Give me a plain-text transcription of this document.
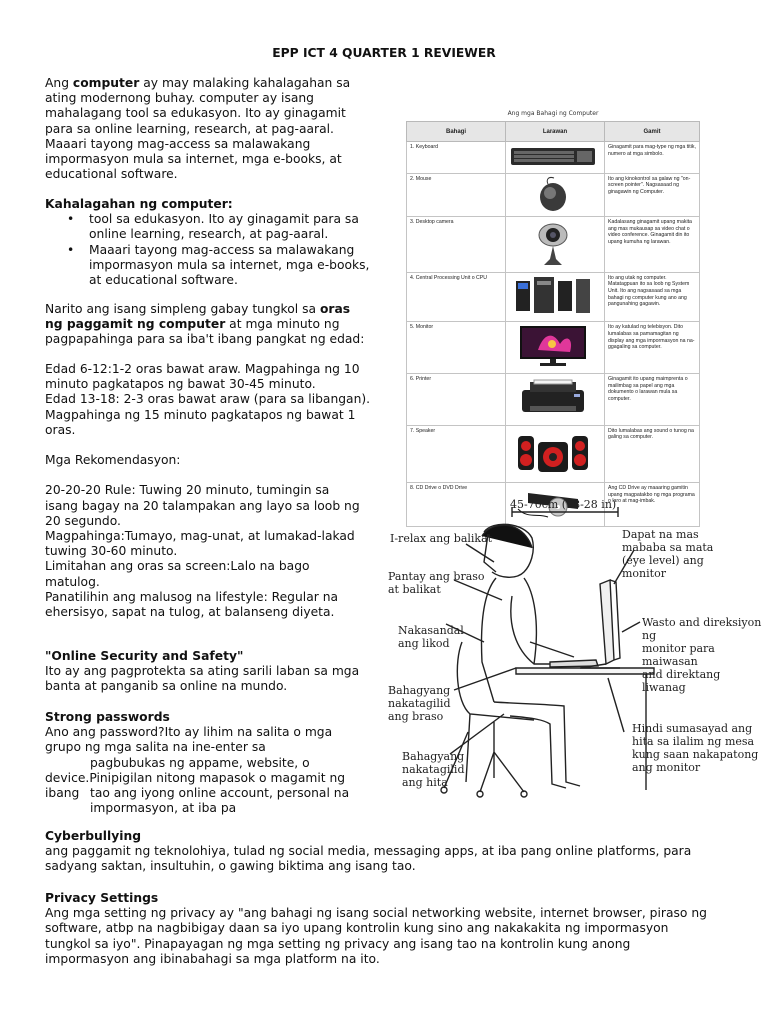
EPP ICT 4 QUARTER 1 REVIEWER

Ang computer ay may malaking kahalagahan sa

ating modernong buhay. computer ay isang

mahalagang tool sa edukasyon. Ito ay ginagamit

para sa online learning, research, at pag-aaral.

Maaari tayong mag-access sa malawakang

impormasyon mula sa internet, mga e-books, at

educational software.

Kahalagahan ng computer:

• tool sa edukasyon. Ito ay ginagamit para sa
online learning, research, at pag-aaral.
• Maaari tayong mag-access sa malawakang
impormasyon mula sa internet, mga e-books,
at educational software.

Narito ang isang simpleng gabay tungkol sa oras

ng paggamit ng computer at mga minuto ng

pagpapahinga para sa iba't ibang pangkat ng edad:

Edad 6-12:1-2 oras bawat araw. Magpahinga ng 10

minuto pagkatapos ng bawat 30-45 minuto.

Edad 13-18: 2-3 oras bawat araw (para sa libangan).

Magpahinga ng 15 minuto pagkatapos ng bawat 1

oras.

Mga Rekomendasyon:

20-20-20 Rule: Tuwing 20 minuto, tumingin sa

isang bagay na 20 talampakan ang layo sa loob ng

20 segundo.

Magpahinga:Tumayo, mag-unat, at lumakad-lakad

tuwing 30-60 minuto.

Limitahan ang oras sa screen:Lalo na bago

matulog.

Panatilihin ang malusog na lifestyle: Regular na

ehersisyo, sapat na tulog, at balanseng diyeta.

"Online Security and Safety"

Ito ay ang pagprotekta sa ating sarili laban sa mga

banta at panganib sa online na mundo.

Strong passwords

Ano ang password?Ito ay lihim na salita o mga

grupo ng mga salita na ine-enter sa

pagbubukas ng appame, website, o

device.Pinipigilan nitong mapasok o magamit ng

ibang tao ang iyong online account, personal na

impormasyon, at iba pa

Cyberbullying

ang paggamit ng teknolohiya, tulad ng social media, messaging apps, at iba pang online platforms, para

sadyang saktan, insultuhin, o gawing biktima ang isang tao.

Privacy Settings

Ang mga setting ng privacy ay "ang bahagi ng isang social networking website, internet browser, piraso ng

software, atbp na nagbibigay daan sa iyo upang kontrolin kung sino ang nakakakita ng impormasyon

tungkol sa iyo". Pinapayagan ng mga setting ng privacy ang isang tao na kontrolin kung anong

impormasyon ang ibinabahagi sa mga platform na ito.

Ang mga Bahagi ng Computer
Bahagi	Larawan	Gamit
1. Keyboard		Ginagamit para mag-type ng mga titik, numero at mga simbolo.
2. Mouse		Ito ang kinokontrol sa galaw ng "on-screen pointer". Nagsasaad ng ginagawin ng Computer.
3. Desktop camera		Kadalasang ginagamit upang makita ang mas mukausap sa video chat o video conference. Ginagamit din ito upang kumuha ng larawan.
4. Central Processing Unit o CPU		Ito ang utak ng computer. Matatagpuan ito sa loob ng System Unit. Ito ang nagsasaad sa mga bahagi ng computer kung ano ang pangunahing gagawin.
5. Monitor		Ito ay katulad ng telebisyon. Dito lumalabas sa pamamagitan ng display ang mga impormasyon na na-ggagaling sa computer.
6. Printer		Ginagamit ito upang maimprenta o mailimbag sa papel ang mga dokumento o larawan mula sa computer.
7. Speaker		Dito lumalabas ang sound o tunog na galing sa computer.
8. CD Drive o DVD Drive		Ang CD Drive ay maaaring gamitin upang magpatakbo ng mga programa o laro at mag-imbak.
45-70cm (18-28 in)
I-relax ang balikat
Pantay ang braso
at balikat
Nakasandal
ang likod
Bahagyang
nakatagilid
ang braso
Bahagyang
nakatagilid
ang hita
Dapat na mas
mababa sa mata
(eye level) ang
monitor
Wasto and direksiyon ng
monitor para maiwasan
and direktang liwanag
Hindi sumasayad ang
hita sa ilalim ng mesa
kung saan nakapatong
ang monitor
